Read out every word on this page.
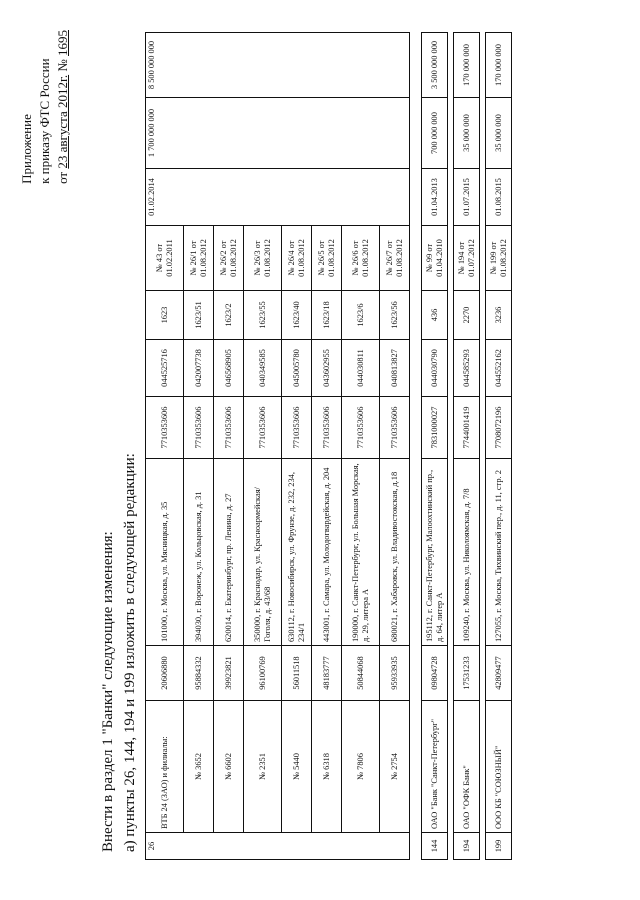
Приложение к приказу ФТС России от 23 августа 2012г. № 1695
Внести в раздел 1 "Банки" следующие изменения: а) пункты 26, 144, 194 и 199 изложить в следующей редакции: 26	ВТБ 24 (ЗАО) и филиалы:	20606880	101000, г. Москва, ул. Мясницкая, д. 35	7710353606	044525716	1623	№ 43 от 01.02.2011	01.02.2014	1 700 000 000	8 500 000 000
	№ 3652	95884332	394030, г. Воронеж, ул. Кольцовская, д. 31	7710353606	042007738	1623/51	№ 26/1 от 01.08.2012			
	№ 6602	39923821	620014, г. Екатеринбург, пр. Ленина, д. 27	7710353606	046568905	1623/2	№ 26/2 от 01.08.2012			
	№ 2351	96100769	350000, г. Краснодар, ул. Красноармейская/Гоголя, д. 43/68	7710353606	040349585	1623/55	№ 26/3 от 01.08.2012			
	№ 5440	56011518	630112, г. Новосибирск, ул. Фрунзе, д. 232, 234, 234/1	7710353606	045005780	1623/40	№ 26/4 от 01.08.2012			
	№ 6318	48183777	443001, г. Самара, ул. Молодогвардейская, д. 204	7710353606	043602955	1623/18	№ 26/5 от 01.08.2012			
	№ 7806	50844068	190000, г. Санкт-Петербург, ул. Большая Морская, д. 29, литера А	7710353606	044030811	1623/6	№ 26/6 от 01.08.2012			
	№ 2754	95933935	680021, г. Хабаровск, ул. Владивостокская, д.18	7710353606	040813827	1623/56	№ 26/7 от 01.08.2012			
144	ОАО "Банк "Санкт-Петербург"	09804728	195112, г. Санкт-Петербург, Малоохтинский пр., д. 64, литер А	7831000027	044030790	436	№ 99 от 01.04.2010	01.04.2013	700 000 000	3 500 000 000
194	ОАО "ОФК Банк"	17531233	109240, г. Москва, ул. Николоямская, д. 7/8	7744001419	044585293	2270	№ 194 от 01.07.2012	01.07.2015	35 000 000	170 000 000
199	ООО КБ "СОЮЗНЫЙ"	42809477	127055, г. Москва, Тихвинский пер., д. 11, стр. 2	7708072196	044552162	3236	№ 199 от 01.08.2012	01.08.2015	35 000 000	170 000 000
